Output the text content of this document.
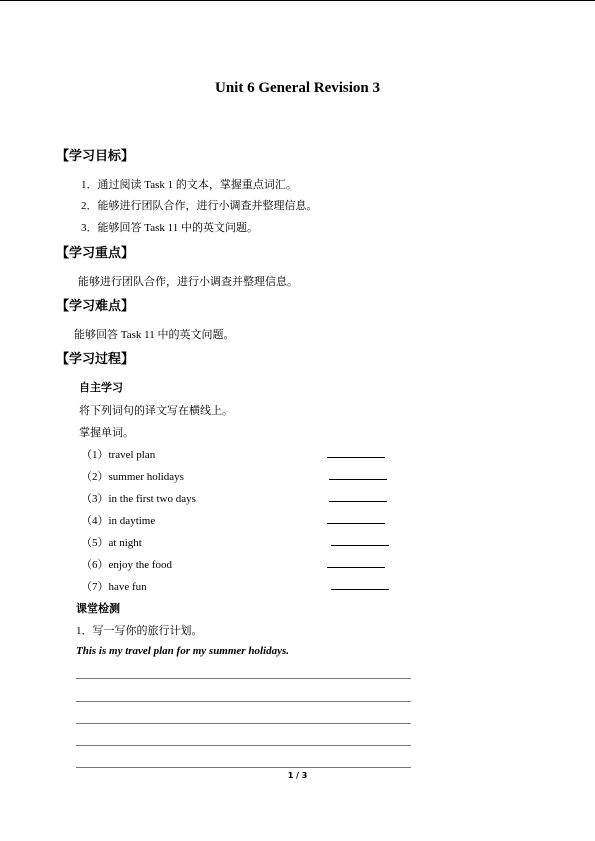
Unit 6 General Revision 3
【学习目标】
1．通过阅读 Task 1 的文本，掌握重点词汇。
2．能够进行团队合作，进行小调查并整理信息。
3．能够回答 Task 11 中的英文问题。
【学习重点】
能够进行团队合作，进行小调查并整理信息。
【学习难点】
能够回答 Task 11 中的英文问题。
【学习过程】
自主学习
将下列词句的译文写在横线上。
掌握单词。
（1）travel plan
（2）summer holidays
（3）in the first two days
（4）in daytime
（5）at night
（6）enjoy the food
（7）have fun
课堂检测
1．写一写你的旅行计划。
This is my travel plan for my summer holidays.
1 / 3
